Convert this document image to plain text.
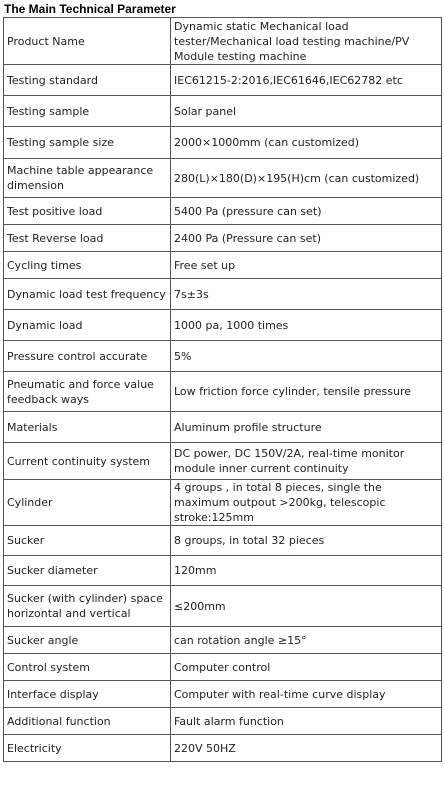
The Main Technical Parameter
Product Name	Dynamic static Mechanical load tester/Mechanical load testing machine/PV Module testing machine
Testing standard	IEC61215-2:2016,IEC61646,IEC62782 etc
Testing sample	Solar panel
Testing sample size	2000×1000mm (can customized)
Machine table appearance dimension	280(L)×180(D)×195(H)cm (can customized)
Test positive load	5400 Pa (pressure can set)
Test Reverse load	2400 Pa (Pressure can set)
Cycling times	Free set up
Dynamic load test frequency	7s±3s
Dynamic load	1000 pa, 1000 times
Pressure control accurate	5%
Pneumatic and force value feedback ways	Low friction force cylinder, tensile pressure
Materials	Aluminum profile structure
Current continuity system	DC power, DC 150V/2A, real-time monitor module inner current continuity
Cylinder	4 groups , in total 8 pieces, single the maximum outpout >200kg, telescopic stroke:125mm
Sucker	8 groups, in total 32 pieces
Sucker diameter	120mm
Sucker (with cylinder) space horizontal and vertical	≤200mm
Sucker angle	can rotation angle ≥15°
Control system	Computer control
Interface display	Computer with real-time curve display
Additional function	Fault alarm function
Electricity	220V 50HZ
